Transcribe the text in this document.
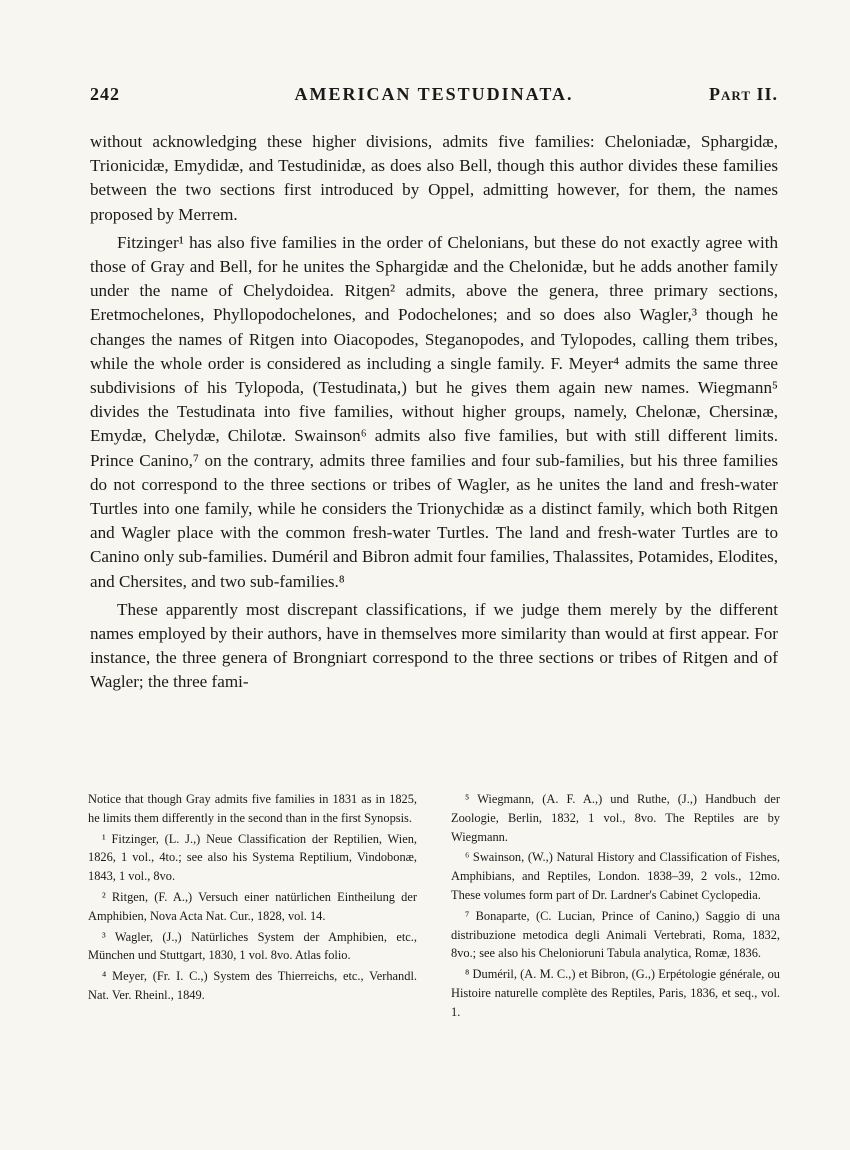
242	AMERICAN TESTUDINATA.	Part II.

without acknowledging these higher divisions, admits five families: Cheloniadæ, Sphargidæ, Trionicidæ, Emydidæ, and Testudinidæ, as does also Bell, though this author divides these families between the two sections first introduced by Oppel, admitting however, for them, the names proposed by Merrem.

Fitzinger¹ has also five families in the order of Chelonians, but these do not exactly agree with those of Gray and Bell, for he unites the Sphargidæ and the Chelonidæ, but he adds another family under the name of Chelydoidea. Ritgen² admits, above the genera, three primary sections, Eretmochelones, Phyllopodochelones, and Podochelones; and so does also Wagler,³ though he changes the names of Ritgen into Oiacopodes, Steganopodes, and Tylopodes, calling them tribes, while the whole order is considered as including a single family. F. Meyer⁴ admits the same three subdivisions of his Tylopoda, (Testudinata,) but he gives them again new names. Wiegmann⁵ divides the Testudinata into five families, without higher groups, namely, Chelonæ, Chersinæ, Emydæ, Chelydæ, Chilotæ. Swainson⁶ admits also five families, but with still different limits. Prince Canino,⁷ on the contrary, admits three families and four sub-families, but his three families do not correspond to the three sections or tribes of Wagler, as he unites the land and fresh-water Turtles into one family, while he considers the Trionychidæ as a distinct family, which both Ritgen and Wagler place with the common fresh-water Turtles. The land and fresh-water Turtles are to Canino only sub-families. Duméril and Bibron admit four families, Thalassites, Potamides, Elodites, and Chersites, and two sub-families.⁸

These apparently most discrepant classifications, if we judge them merely by the different names employed by their authors, have in themselves more similarity than would at first appear. For instance, the three genera of Brongniart correspond to the three sections or tribes of Ritgen and of Wagler; the three fami-

Notice that though Gray admits five families in 1831 as in 1825, he limits them differently in the second than in the first Synopsis.

¹ Fitzinger, (L. J.,) Neue Classification der Reptilien, Wien, 1826, 1 vol., 4to.; see also his Systema Reptilium, Vindobonæ, 1843, 1 vol., 8vo.

² Ritgen, (F. A.,) Versuch einer natürlichen Eintheilung der Amphibien, Nova Acta Nat. Cur., 1828, vol. 14.

³ Wagler, (J.,) Natürliches System der Amphibien, etc., München und Stuttgart, 1830, 1 vol. 8vo. Atlas folio.

⁴ Meyer, (Fr. I. C.,) System des Thierreichs, etc., Verhandl. Nat. Ver. Rheinl., 1849.

⁵ Wiegmann, (A. F. A.,) und Ruthe, (J.,) Handbuch der Zoologie, Berlin, 1832, 1 vol., 8vo. The Reptiles are by Wiegmann.

⁶ Swainson, (W.,) Natural History and Classification of Fishes, Amphibians, and Reptiles, London. 1838–39, 2 vols., 12mo. These volumes form part of Dr. Lardner's Cabinet Cyclopedia.

⁷ Bonaparte, (C. Lucian, Prince of Canino,) Saggio di una distribuzione metodica degli Animali Vertebrati, Roma, 1832, 8vo.; see also his Chelonioruni Tabula analytica, Romæ, 1836.

⁸ Duméril, (A. M. C.,) et Bibron, (G.,) Erpétologie générale, ou Histoire naturelle complète des Reptiles, Paris, 1836, et seq., vol. 1.
